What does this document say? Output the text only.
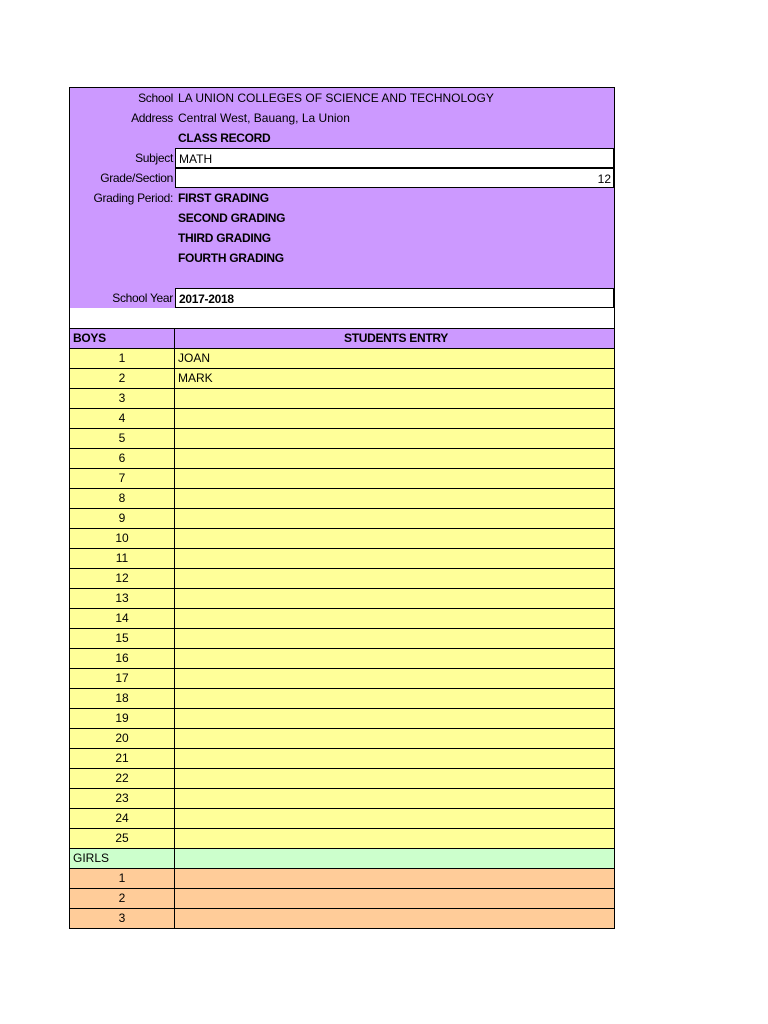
School LA UNION COLLEGES OF SCIENCE AND TECHNOLOGY
Address Central West, Bauang, La Union
CLASS RECORD
Subject MATH
Grade/Section	12
Grading Period: FIRST GRADING
SECOND GRADING
THIRD GRADING
FOURTH GRADING
School Year 2017-2018
BOYS	STUDENTS ENTRY
1	JOAN
2	MARK
3
4
5
6
7
8
9
10
11
12
13
14
15
16
17
18
19
20
21
22
23
24
25
GIRLS
1
2
3
